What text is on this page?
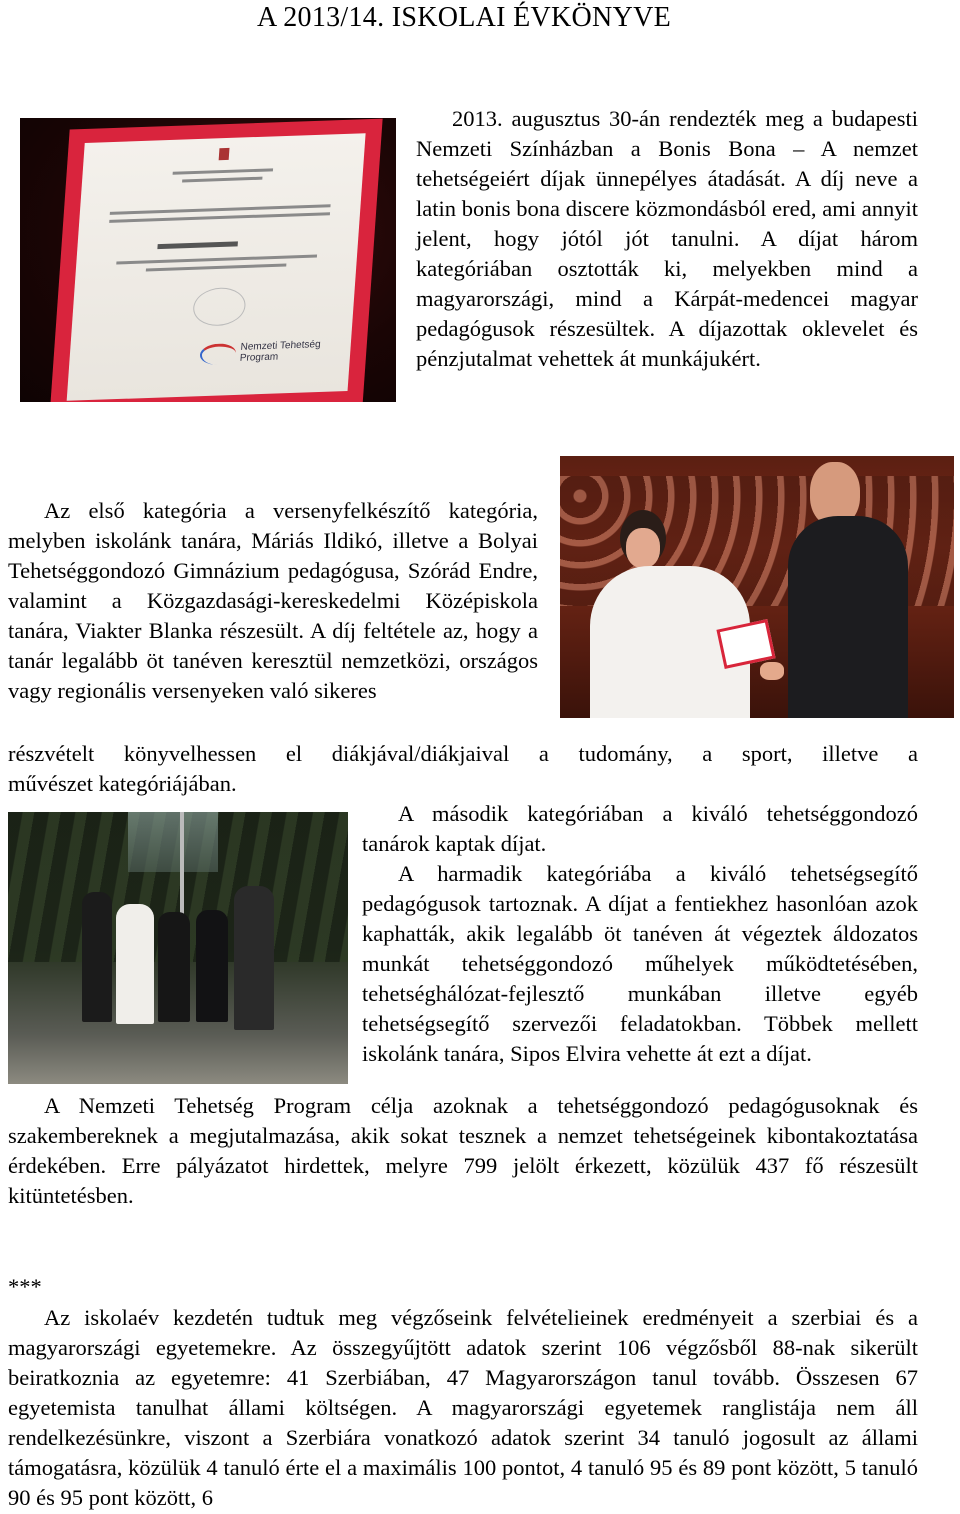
A 2013/14. ISKOLAI ÉVKÖNYVE
Nemzeti Tehetség Program

2013. augusztus 30-án rendezték meg a budapesti Nemzeti Színházban a Bonis Bona – A nemzet tehetségeiért díjak ünnepélyes átadását. A díj neve a latin bonis bona discere közmondásból ered, ami annyit jelent, hogy jótól jót tanulni. A díjat három kategóriában osztották ki, melyekben mind a magyarországi, mind a Kárpát-medencei magyar pedagógusok részesültek. A díjazottak oklevelet és pénzjutalmat vehettek át munkájukért.

Az első kategória a versenyfelkészítő kategória, melyben iskolánk tanára, Máriás Ildikó, illetve a Bolyai Tehetséggondozó Gimnázium pedagógusa, Szórád Endre, valamint a Közgazdasági-kereskedelmi Középiskola tanára, Viakter Blanka részesült. A díj feltétele az, hogy a tanár legalább öt tanéven keresztül nemzetközi, országos vagy regionális versenyeken való sikeres

részvételt könyvelhessen el diákjával/diákjaival a tudomány, a sport, illetve a

művészet kategóriájában.

A második kategóriában a kiváló tehetséggondozó tanárok kaptak díjat.

A harmadik kategóriába a kiváló tehetségsegítő pedagógusok tartoznak. A díjat a fentiekhez hasonlóan azok kaphatták, akik legalább öt tanéven át végeztek áldozatos munkát tehetséggondozó műhelyek működtetésében, tehetséghálózat-fejlesztő munkában illetve egyéb tehetségsegítő szervezői feladatokban. Többek mellett iskolánk tanára, Sipos Elvira vehette át ezt a díjat.

A Nemzeti Tehetség Program célja azoknak a tehetséggondozó pedagógusoknak és szakembereknek a megjutalmazása, akik sokat tesznek a nemzet tehetségeinek kibontakoztatása érdekében. Erre pályázatot hirdettek, melyre 799 jelölt érkezett, közülük 437 fő részesült kitüntetésben.

***

Az iskolaév kezdetén tudtuk meg végzőseink felvételieinek eredményeit a szerbiai és a magyarországi egyetemekre. Az összegyűjtött adatok szerint 106 végzősből 88-nak sikerült beiratkoznia az egyetemre: 41 Szerbiában, 47 Magyarországon tanul tovább. Összesen 67 egyetemista tanulhat állami költségen. A magyarországi egyetemek ranglistája nem áll rendelkezésünkre, viszont a Szerbiára vonatkozó adatok szerint 34 tanuló jogosult az állami támogatásra, közülük 4 tanuló érte el a maximális 100 pontot, 4 tanuló 95 és 89 pont között, 5 tanuló 90 és 95 pont között, 6
